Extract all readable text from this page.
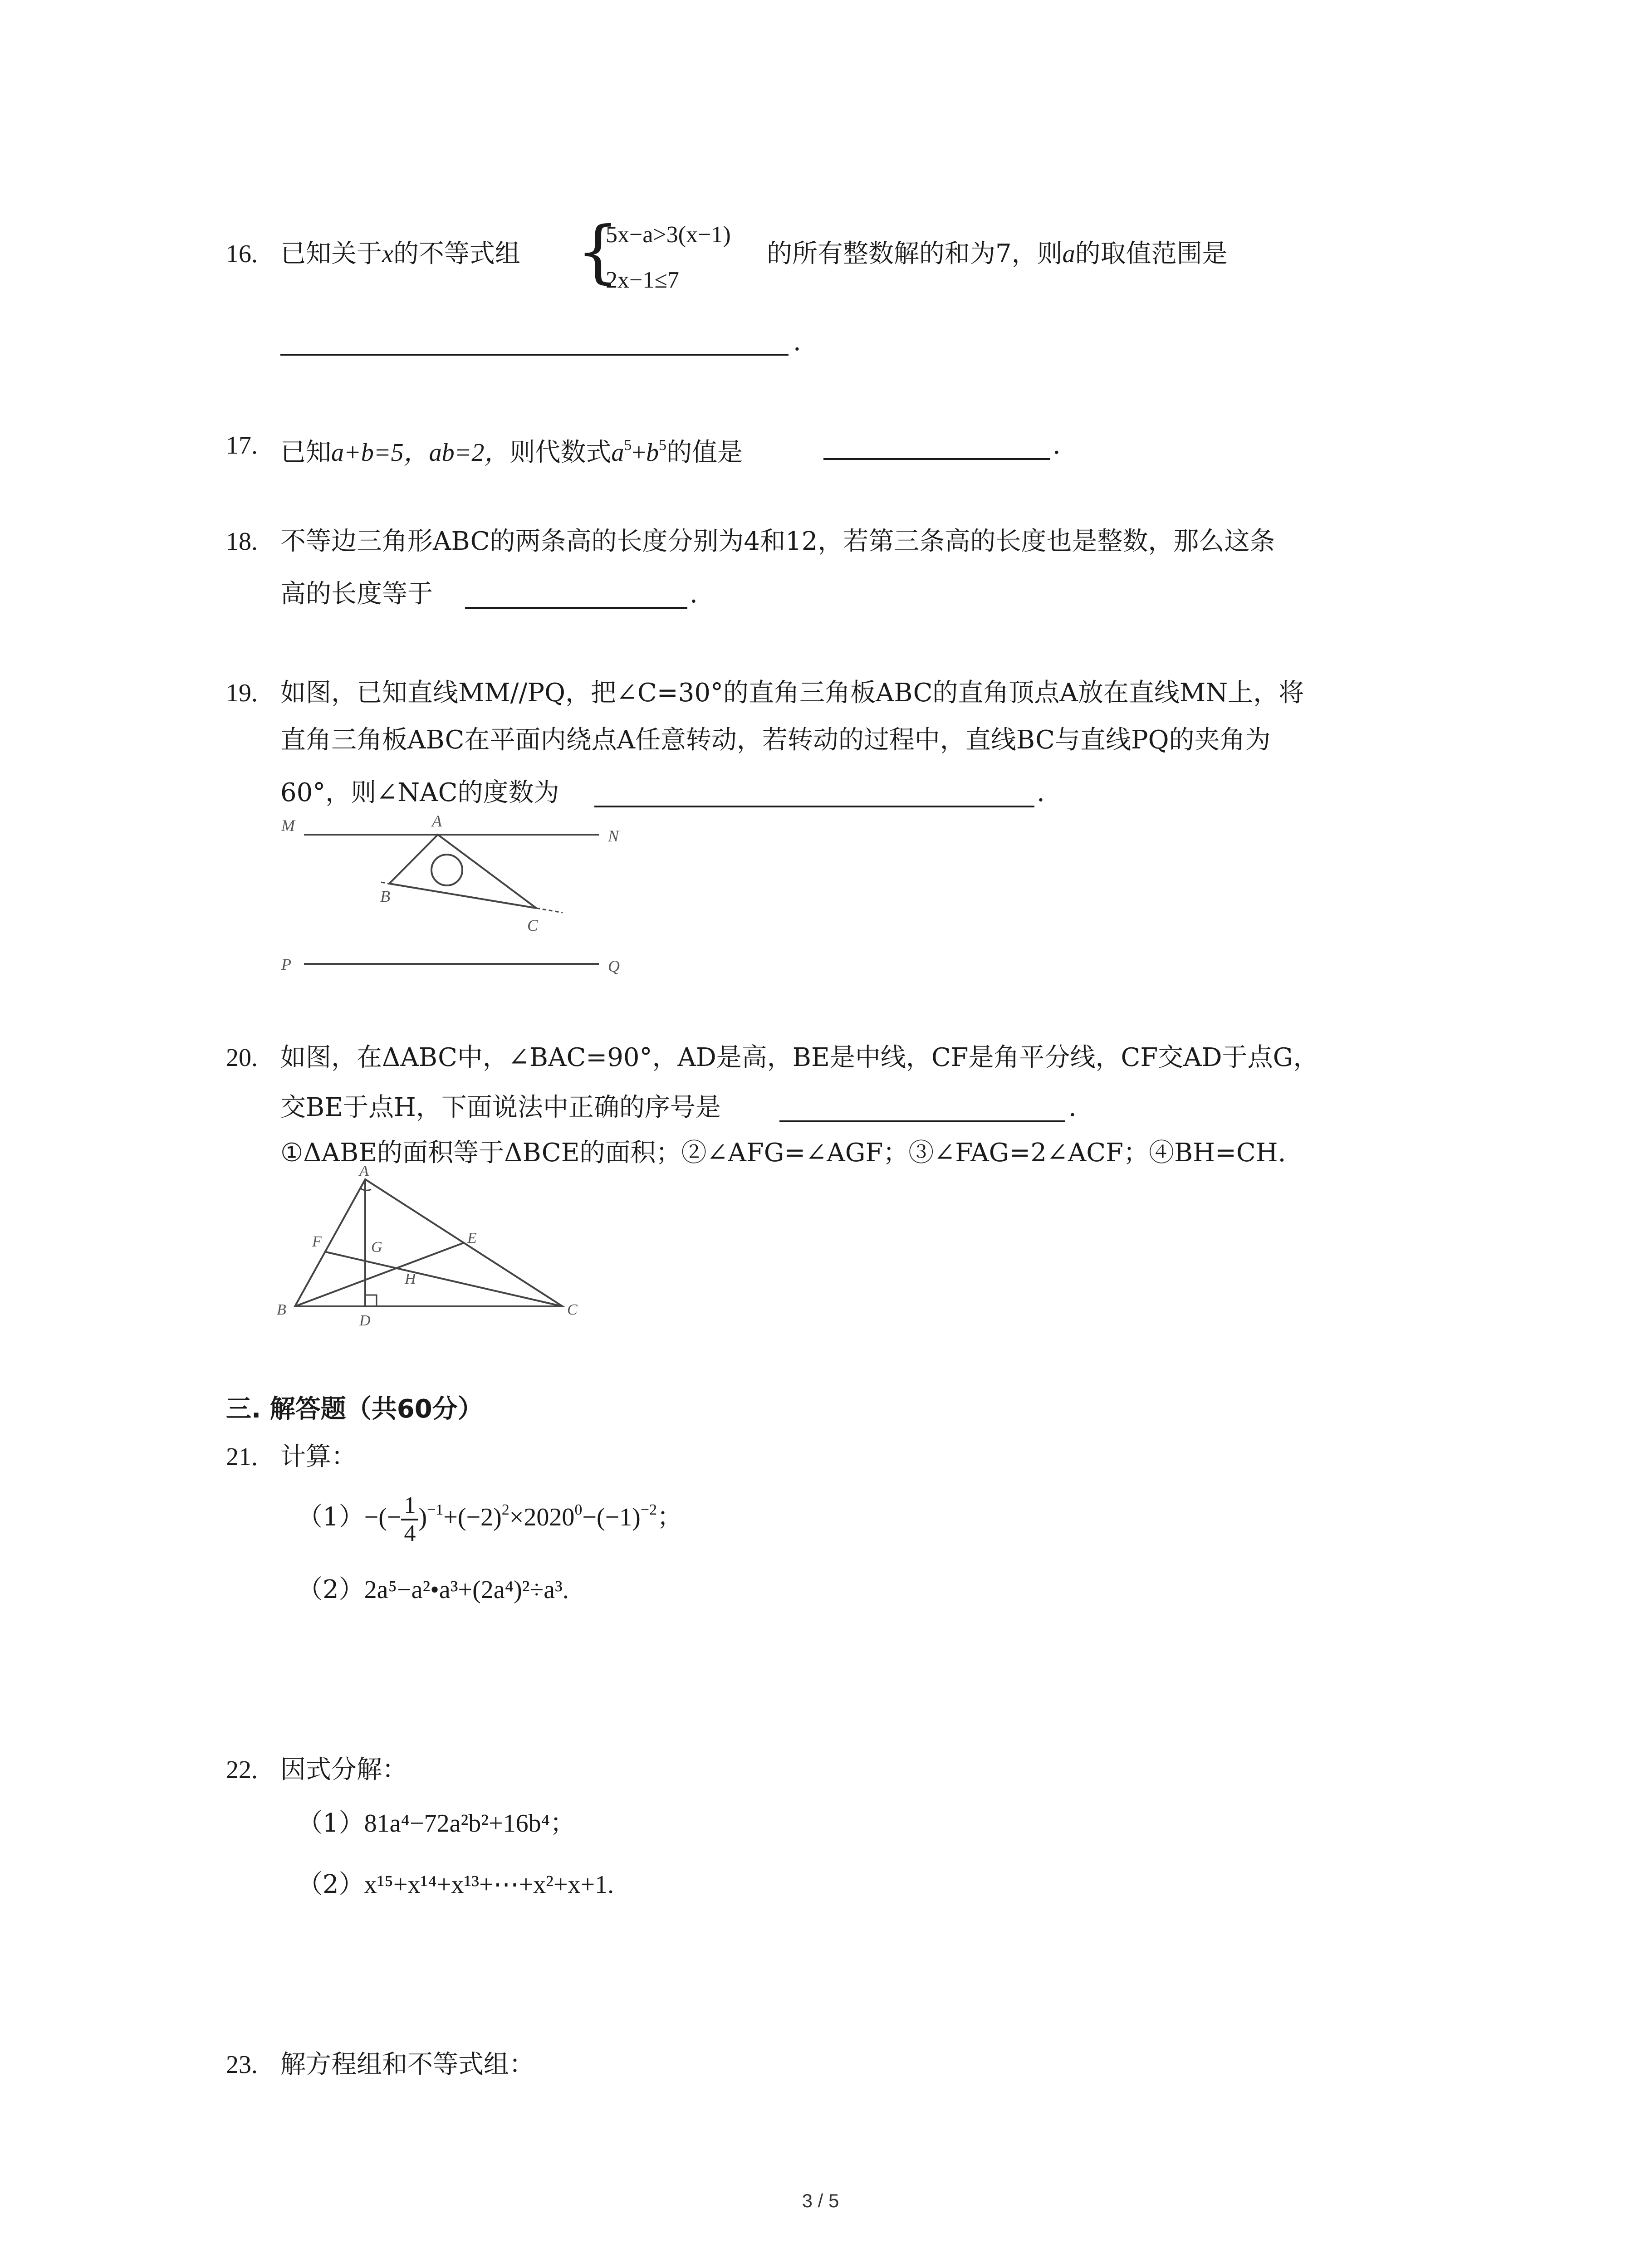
16. 已知关于x的不等式组 {
5x−a>3(x−1)
2x−1≤7
的所有整数解的和为7，则a的取值范围是
.
17. 已知a+b=5，ab=2，则代数式$a^5+b^5$的值是	.
18. 不等边三角形ABC的两条高的长度分别为4和12，若第三条高的长度也是整数，那么这条
高的长度等于	.
19. 如图，已知直线MM//PQ，把∠C=30°的直角三角板ABC的直角顶点A放在直线MN上，将
直角三角板ABC在平面内绕点A任意转动，若转动的过程中，直线BC与直线PQ的夹角为
60°，则∠NAC的度数为	.
M
N
A
B
C
P	Q
20. 如图，在ΔABC中，∠BAC=90°，AD是高，BE是中线，CF是角平分线，CF交AD于点G，
交BE于点H，下面说法中正确的序号是	.
①ΔABE的面积等于ΔBCE的面积；②∠AFG=∠AGF；③∠FAG=2∠ACF；④BH=CH.
A
B	C
D
E
F	G
H
三. 解答题（共60分）
21. 计算：
$(1)-(- \frac{1}{4} )^{-1}+(-2)^2\times 2020^0-(-1)^{-2}$；
（2）2a⁵−a²•a³+(2a⁴)²÷a³.
22. 因式分解：
（1）81a⁴−72a²b²+16b⁴；
（2）x¹⁵+x¹⁴+x¹³+⋯+x²+x+1.
23. 解方程组和不等式组：
3 / 5
